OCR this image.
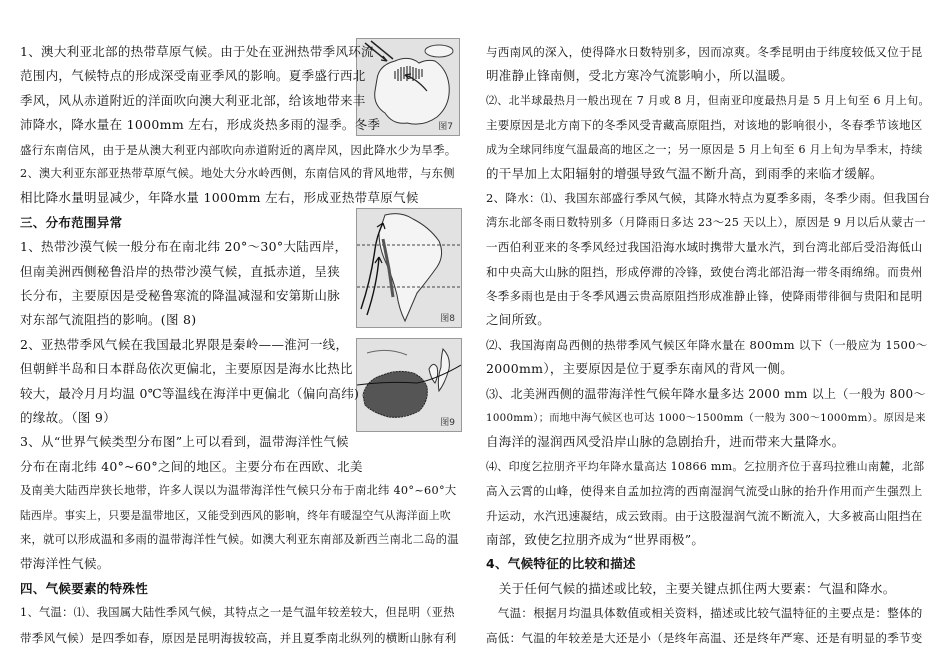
图7
图8
图9

1、澳大利亚北部的热带草原气候。由于处在亚洲热带季风环流

范围内，气候特点的形成深受南亚季风的影响。夏季盛行西北

季风，风从赤道附近的洋面吹向澳大利亚北部，给该地带来丰

沛降水，降水量在 1000mm 左右，形成炎热多雨的湿季。冬季

盛行东南信风，由于是从澳大利亚内部吹向赤道附近的离岸风，因此降水少为旱季。

2、澳大利亚东部亚热带草原气候。地处大分水岭西侧，东南信风的背风地带，与东侧

相比降水量明显减少，年降水量 1000mm 左右，形成亚热带草原气候

三、分布范围异常

1、热带沙漠气候一般分布在南北纬 20°～30°大陆西岸，

但南美洲西侧秘鲁沿岸的热带沙漠气候，直抵赤道，呈狭

长分布，主要原因是受秘鲁寒流的降温减湿和安第斯山脉

对东部气流阻挡的影响。(图 8)

2、亚热带季风气候在我国最北界限是秦岭——淮河一线，

但朝鲜半岛和日本群岛依次更偏北，主要原因是海水比热比

较大，最冷月月均温 0℃等温线在海洋中更偏北（偏向高纬)

的缘故。（图 9）

3、从“世界气候类型分布图”上可以看到，温带海洋性气候

分布在南北纬 40°~60°之间的地区。主要分布在西欧、北美

及南美大陆西岸狭长地带，许多人误以为温带海洋性气候只分布于南北纬 40°~60°大

陆西岸。事实上，只要是温带地区，又能受到西风的影响，终年有暖湿空气从海洋面上吹

来，就可以形成温和多雨的温带海洋性气候。如澳大利亚东南部及新西兰南北二岛的温

带海洋性气候。

四、气候要素的特殊性

1、气温：⑴、我国属大陆性季风气候，其特点之一是气温年较差较大，但昆明（亚热

带季风气候）是四季如春，原因是昆明海拔较高，并且夏季南北纵列的横断山脉有利

与西南风的深入，使得降水日数特别多，因而凉爽。冬季昆明由于纬度较低又位于昆

明准静止锋南侧，受北方寒冷气流影响小，所以温暖。

⑵、北半球最热月一般出现在 7 月或 8 月，但南亚印度最热月是 5 月上旬至 6 月上旬。

主要原因是北方南下的冬季风受青藏高原阻挡，对该地的影响很小，冬春季节该地区

成为全球同纬度气温最高的地区之一；另一原因是 5 月上旬至 6 月上旬为旱季末，持续

的干旱加上太阳辐射的增强导致气温不断升高，到雨季的来临才缓解。

2、降水：⑴、我国东部盛行季风气候，其降水特点为夏季多雨，冬季少雨。但我国台

湾东北部冬雨日数特别多（月降雨日多达 23～25 天以上），原因是 9 月以后从蒙古一

一西伯利亚来的冬季风经过我国沿海水域时携带大量水汽，到台湾北部后受沿海低山

和中央高大山脉的阻挡，形成停滞的冷锋，致使台湾北部沿海一带冬雨绵绵。而贵州

冬季多雨也是由于冬季风遇云贵高原阻挡形成准静止锋，使降雨带徘徊与贵阳和昆明

之间所致。

⑵、我国海南岛西侧的热带季风气候区年降水量在 800mm 以下（一般应为 1500～

2000mm），主要原因是位于夏季东南风的背风一侧。

⑶、北美洲西侧的温带海洋性气候年降水量多达 2000 mm 以上（一般为 800～

1000mm）；而地中海气候区也可达 1000～1500mm（一般为 300～1000mm）。原因是来

自海洋的湿润西风受沿岸山脉的急剧抬升，进而带来大量降水。

⑷、印度乞拉朋齐平均年降水量高达 10866 mm。乞拉朋齐位于喜玛拉雅山南麓，北部

高入云霄的山峰，使得来自孟加拉湾的西南湿润气流受山脉的抬升作用而产生强烈上

升运动，水汽迅速凝结，成云致雨。由于这股湿润气流不断流入，大多被高山阻挡在

南部，致使乞拉朋齐成为“世界雨极”。

4、气候特征的比较和描述

　关于任何气候的描述或比较，主要关键点抓住两大要素：气温和降水。

　气温：根据月均温具体数值或相关资料，描述或比较气温特征的主要点是：整体的

高低：气温的年较差是大还是小（是终年高温、还是终年严寒、还是有明显的季节变
